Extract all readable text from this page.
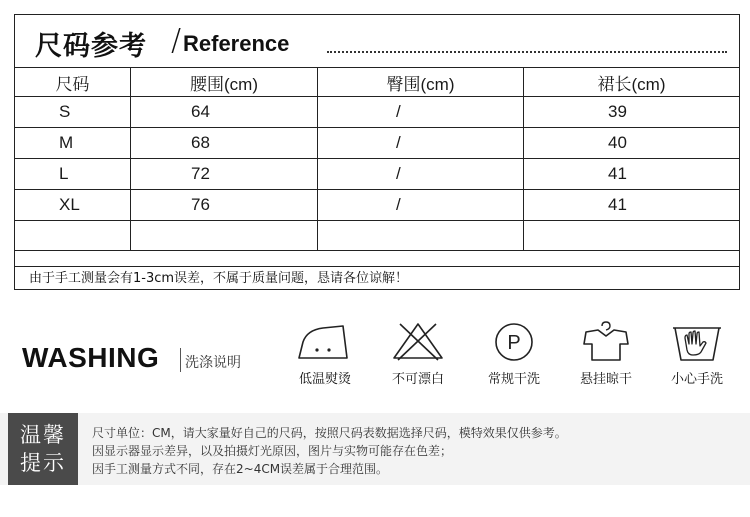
尺码参考 / Reference
尺码	腰围(cm)	臀围(cm)	裙长(cm)
S	64	/	39
M	68	/	40
L	72	/	41
XL	76	/	41

由于手工测量会有1-3cm误差，不属于质量问题，恳请各位谅解！
WASHING 洗涤说明
低温熨烫	不可漂白
P
常规干洗	悬挂晾干	小心手洗
温馨
提示
尺寸单位：CM，请大家量好自己的尺码，按照尺码表数据选择尺码，模特效果仅供参考。
因显示器显示差异，以及拍摄灯光原因，图片与实物可能存在色差；
因手工测量方式不同，存在2~4CM误差属于合理范围。
